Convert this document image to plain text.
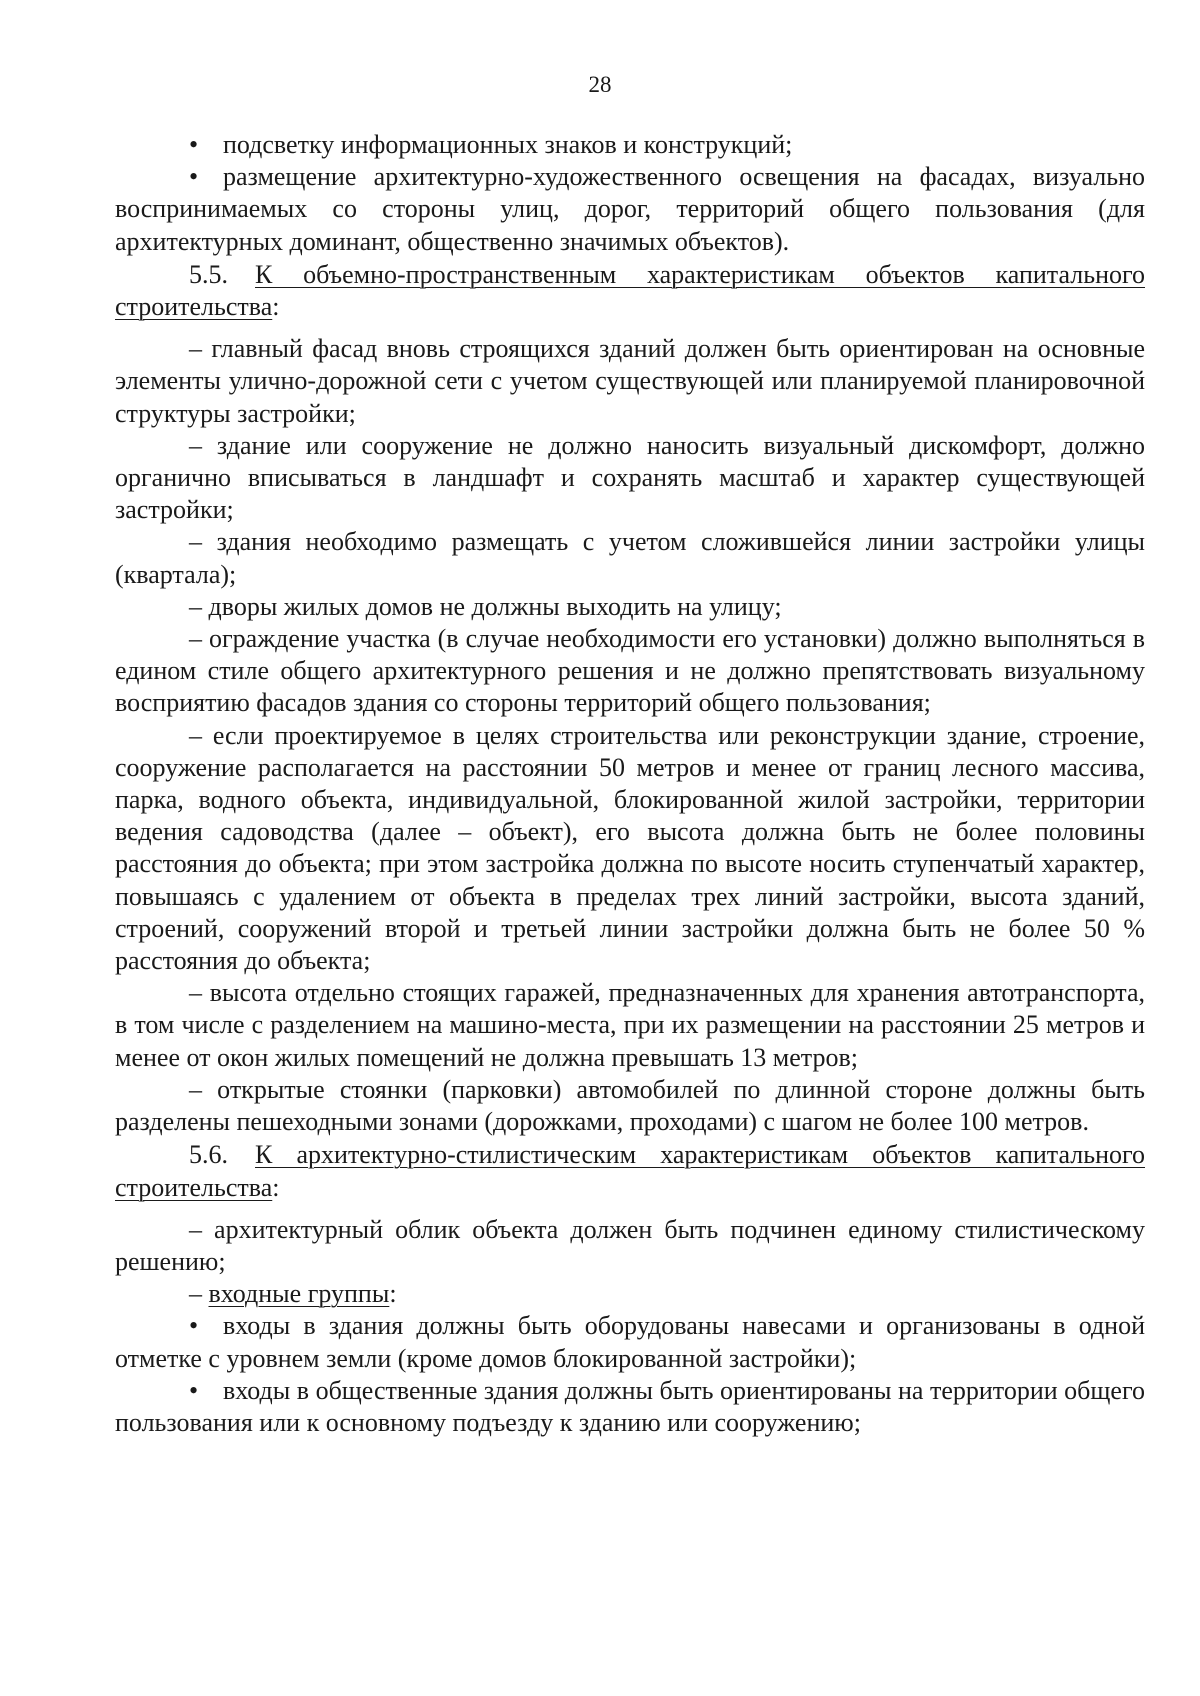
28

• подсветку информационных знаков и конструкций;

• размещение архитектурно-художественного освещения на фасадах, визуально воспринимаемых со стороны улиц, дорог, территорий общего пользования (для архитектурных доминант, общественно значимых объектов).

5.5. К объемно-пространственным характеристикам объектов капитального строительства:

– главный фасад вновь строящихся зданий должен быть ориентирован на основные элементы улично-дорожной сети с учетом существующей или планируемой планировочной структуры застройки;

– здание или сооружение не должно наносить визуальный дискомфорт, должно органично вписываться в ландшафт и сохранять масштаб и характер существующей застройки;

– здания необходимо размещать с учетом сложившейся линии застройки улицы (квартала);

– дворы жилых домов не должны выходить на улицу;

– ограждение участка (в случае необходимости его установки) должно выполняться в едином стиле общего архитектурного решения и не должно препятствовать визуальному восприятию фасадов здания со стороны территорий общего пользования;

– если проектируемое в целях строительства или реконструкции здание, строение, сооружение располагается на расстоянии 50 метров и менее от границ лесного массива, парка, водного объекта, индивидуальной, блокированной жилой застройки, территории ведения садоводства (далее – объект), его высота должна быть не более половины расстояния до объекта; при этом застройка должна по высоте носить ступенчатый характер, повышаясь с удалением от объекта в пределах трех линий застройки, высота зданий, строений, сооружений второй и третьей линии застройки должна быть не более 50 % расстояния до объекта;

– высота отдельно стоящих гаражей, предназначенных для хранения автотранспорта, в том числе с разделением на машино-места, при их размещении на расстоянии 25 метров и менее от окон жилых помещений не должна превышать 13 метров;

– открытые стоянки (парковки) автомобилей по длинной стороне должны быть разделены пешеходными зонами (дорожками, проходами) с шагом не более 100 метров.

5.6. К архитектурно-стилистическим характеристикам объектов капитального строительства:

– архитектурный облик объекта должен быть подчинен единому стилистическому решению;

– входные группы:

• входы в здания должны быть оборудованы навесами и организованы в одной отметке с уровнем земли (кроме домов блокированной застройки);

• входы в общественные здания должны быть ориентированы на территории общего пользования или к основному подъезду к зданию или сооружению;
